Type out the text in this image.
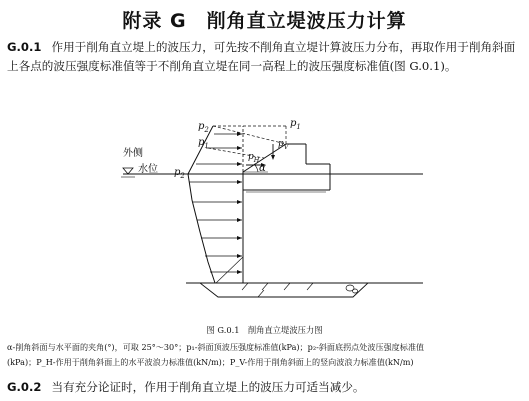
附录 G　削角直立堤波压力计算

G.0.1 作用于削角直立堤上的波压力，可先按不削角直立堤计算波压力分布，再取作用于削角斜面上各点的波压强度标准值等于不削角直立堤在同一高程上的波压强度标准值(图 G.0.1)。

$p_2$
$p_1$
$p_1$
$p_V$
$p_H$
α
$p_2$
外侧
水位

图 G.0.1　削角直立堤波压力图

α-削角斜面与水平面的夹角(°)，可取 25°～30°；p₁-斜面顶波压强度标准值(kPa)；p₂-斜面底拐点处波压强度标准值

(kPa)；P_H-作用于削角斜面上的水平波浪力标准值(kN/m)；P_V-作用于削角斜面上的竖向波浪力标准值(kN/m)

G.0.2 当有充分论证时，作用于削角直立堤上的波压力可适当减少。
